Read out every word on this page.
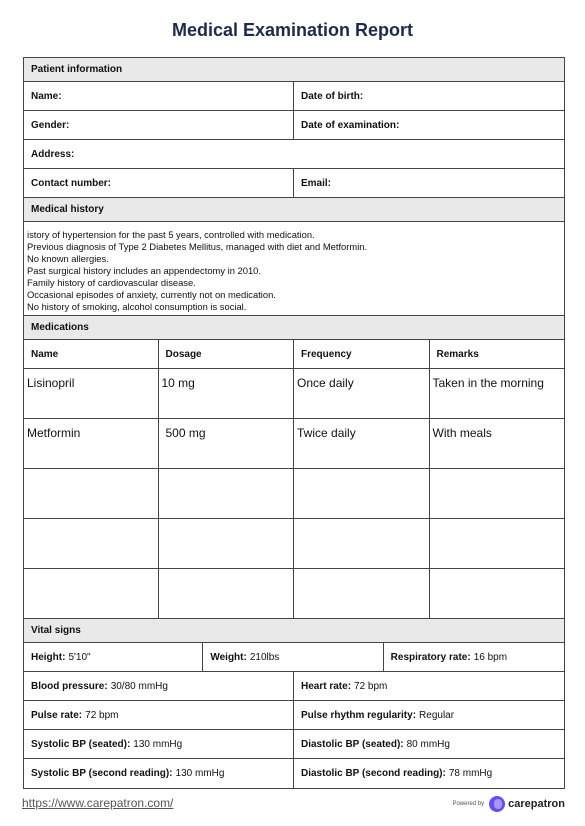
Medical Examination Report
Patient information
Name:	Date of birth:
Gender:	Date of examination:
Address:
Contact number:	Email:
Medical history
istory of hypertension for the past 5 years, controlled with medication.
Previous diagnosis of Type 2 Diabetes Mellitus, managed with diet and Metformin.
No known allergies.
Past surgical history includes an appendectomy in 2010.
Family history of cardiovascular disease.
Occasional episodes of anxiety, currently not on medication.
No history of smoking, alcohol consumption is social.
Medications
Name	Dosage	Frequency	Remarks
Lisinopril	10 mg	Once daily	Taken in the morning
Metformin	500 mg	Twice daily	With meals
Vital signs
Height: 5'10"	Weight: 210lbs	Respiratory rate: 16 bpm
Blood pressure: 30/80 mmHg	Heart rate: 72 bpm
Pulse rate: 72 bpm	Pulse rhythm regularity: Regular
Systolic BP (seated): 130 mmHg	Diastolic BP (seated): 80 mmHg
Systolic BP (second reading): 130 mmHg	Diastolic BP (second reading): 78 mmHg
https://www.carepatron.com/	Powered by carepatron
